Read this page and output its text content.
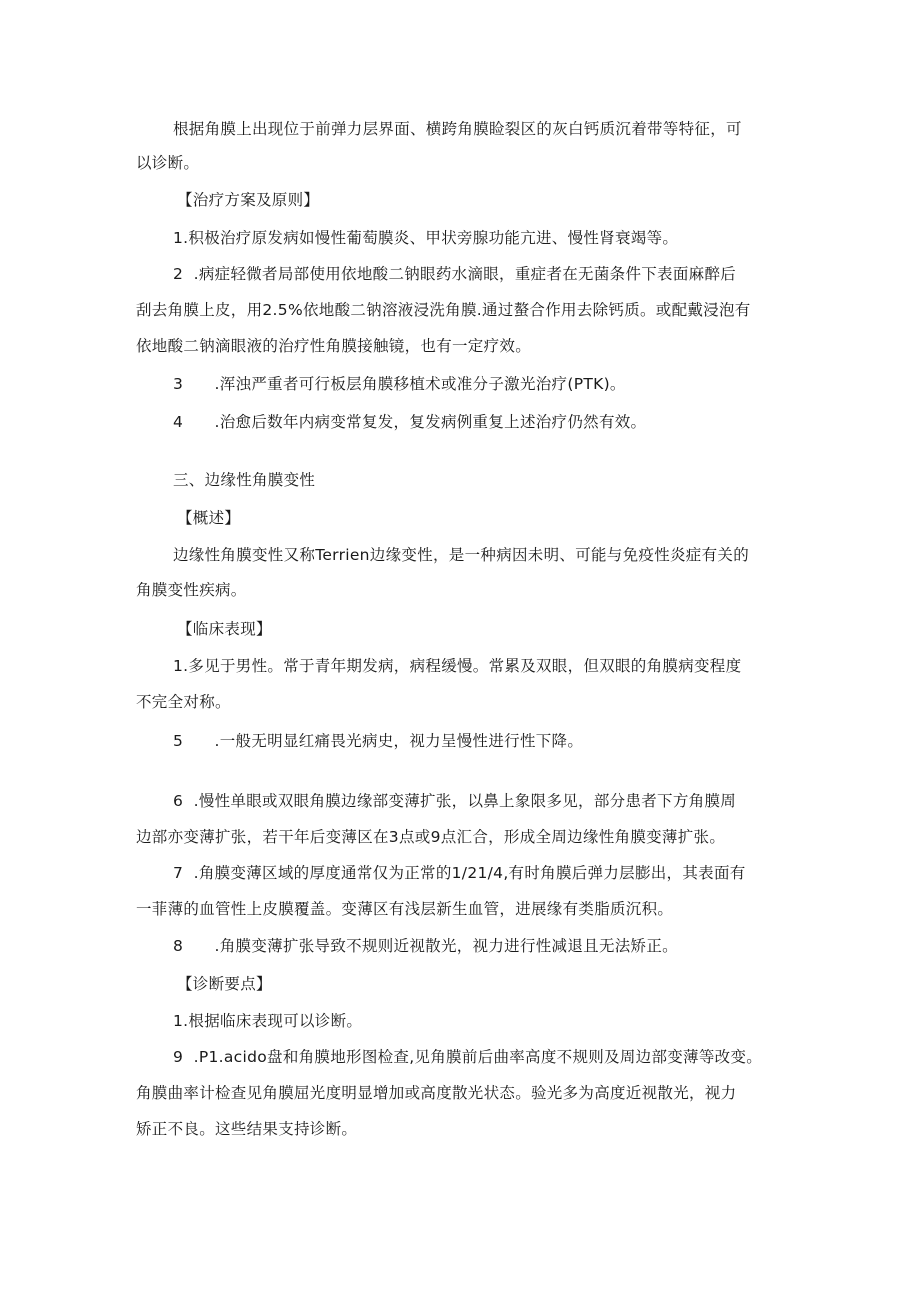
根据角膜上出现位于前弹力层界面、横跨角膜睑裂区的灰白钙质沉着带等特征，可
以诊断。
【治疗方案及原则】
1.积极治疗原发病如慢性葡萄膜炎、甲状旁腺功能亢进、慢性肾衰竭等。
2  .病症轻微者局部使用依地酸二钠眼药水滴眼，重症者在无菌条件下表面麻醉后
刮去角膜上皮，用2.5%依地酸二钠溶液浸洗角膜.通过螯合作用去除钙质。或配戴浸泡有
依地酸二钠滴眼液的治疗性角膜接触镜，也有一定疗效。
3      .浑浊严重者可行板层角膜移植术或准分子激光治疗(PTK)。
4      .治愈后数年内病变常复发，复发病例重复上述治疗仍然有效。
三、边缘性角膜变性
【概述】
边缘性角膜变性又称Terrien边缘变性，是一种病因未明、可能与免疫性炎症有关的
角膜变性疾病。
【临床表现】
1.多见于男性。常于青年期发病，病程缓慢。常累及双眼，但双眼的角膜病变程度
不完全对称。
5      .一般无明显红痛畏光病史，视力呈慢性进行性下降。
6  .慢性单眼或双眼角膜边缘部变薄扩张，以鼻上象限多见，部分患者下方角膜周
边部亦变薄扩张，若干年后变薄区在3点或9点汇合，形成全周边缘性角膜变薄扩张。
7  .角膜变薄区域的厚度通常仅为正常的1/21/4,有时角膜后弹力层膨出，其表面有
一菲薄的血管性上皮膜覆盖。变薄区有浅层新生血管，进展缘有类脂质沉积。
8      .角膜变薄扩张导致不规则近视散光，视力进行性减退且无法矫正。
【诊断要点】
1.根据临床表现可以诊断。
9  .P1.acido盘和角膜地形图检查,见角膜前后曲率高度不规则及周边部变薄等改变。
角膜曲率计检查见角膜屈光度明显增加或高度散光状态。验光多为高度近视散光，视力
矫正不良。这些结果支持诊断。
